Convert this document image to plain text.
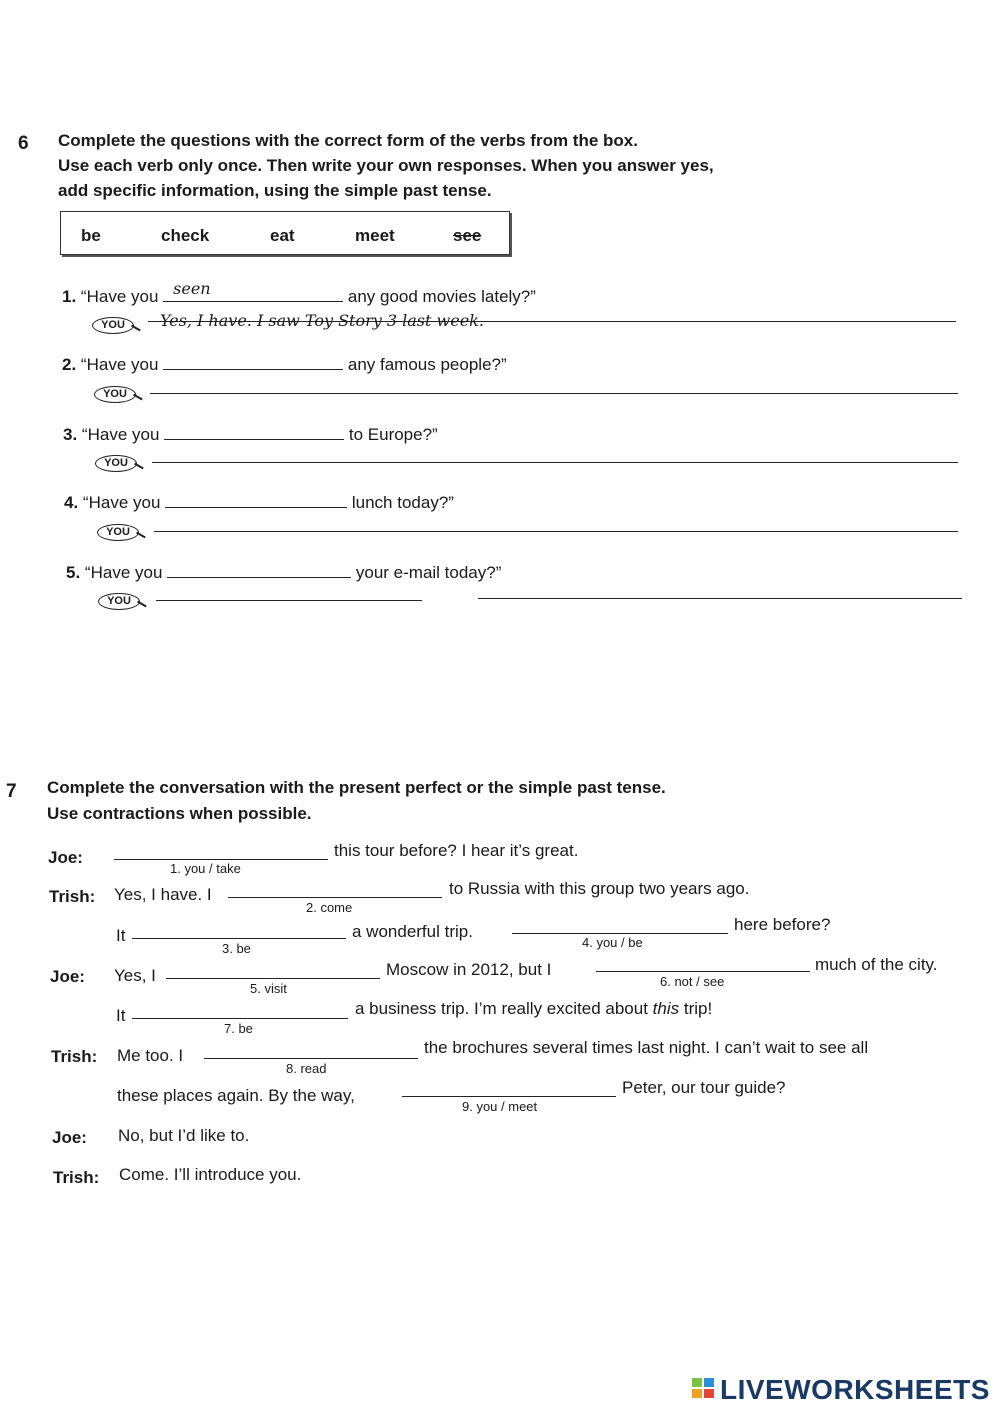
6 Complete the questions with the correct form of the verbs from the box.
Use each verb only once. Then write your own responses. When you answer yes,
add specific information, using the simple past tense.
be	check	eat	meet	see
1. “Have you seen	any good movies lately?”
YOU	Yes, I have. I saw Toy Story 3 last week.
2. “Have you	any famous people?”
YOU
3. “Have you	to Europe?”
YOU
4. “Have you	lunch today?”
YOU
5. “Have you	your e-mail today?”
YOU
7 Complete the conversation with the present perfect or the simple past tense.
Use contractions when possible.
Joe:
1. you / take
this tour before? I hear it’s great.
Trish: Yes, I have. I
2. come
to Russia with this group two years ago.
It
3. be
a wonderful trip.
4. you / be
here before?
Joe: Yes, I
5. visit
Moscow in 2012, but I
6. not / see
much of the city.
It
7. be
a business trip. I’m really excited about this trip!
Trish: Me too. I
8. read
the brochures several times last night. I can’t wait to see all
these places again. By the way,
9. you / meet
Peter, our tour guide?
Joe: No, but I’d like to.
Trish: Come. I’ll introduce you.
LIVEWORKSHEETS
